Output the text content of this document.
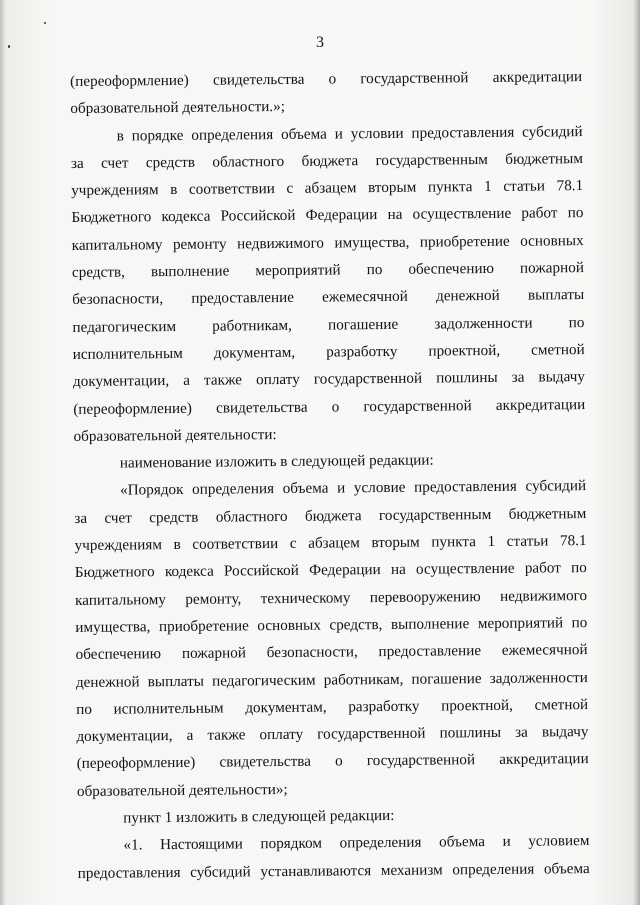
3
(переоформление) свидетельства о государственной аккредитации
образовательной деятельности.»;
в порядке определения объема и условии предоставления субсидий
за счет средств областного бюджета государственным бюджетным
учреждениям в соответствии с абзацем вторым пункта 1 статьи 78.1
Бюджетного кодекса Российской Федерации на осуществление работ по
капитальному ремонту недвижимого имущества, приобретение основных
средств, выполнение мероприятий по обеспечению пожарной
безопасности, предоставление ежемесячной денежной выплаты
педагогическим работникам, погашение задолженности по
исполнительным документам, разработку проектной, сметной
документации, а также оплату государственной пошлины за выдачу
(переоформление) свидетельства о государственной аккредитации
образовательной деятельности:
наименование изложить в следующей редакции:
«Порядок определения объема и условие предоставления субсидий
за счет средств областного бюджета государственным бюджетным
учреждениям в соответствии с абзацем вторым пункта 1 статьи 78.1
Бюджетного кодекса Российской Федерации на осуществление работ по
капитальному ремонту, техническому перевооружению недвижимого
имущества, приобретение основных средств, выполнение мероприятий по
обеспечению пожарной безопасности, предоставление ежемесячной
денежной выплаты педагогическим работникам, погашение задолженности
по исполнительным документам, разработку проектной, сметной
документации, а также оплату государственной пошлины за выдачу
(переоформление) свидетельства о государственной аккредитации
образовательной деятельности»;
пункт 1 изложить в следующей редакции:
«1. Настоящими порядком определения объема и условием
предоставления субсидий устанавливаются механизм определения объема
